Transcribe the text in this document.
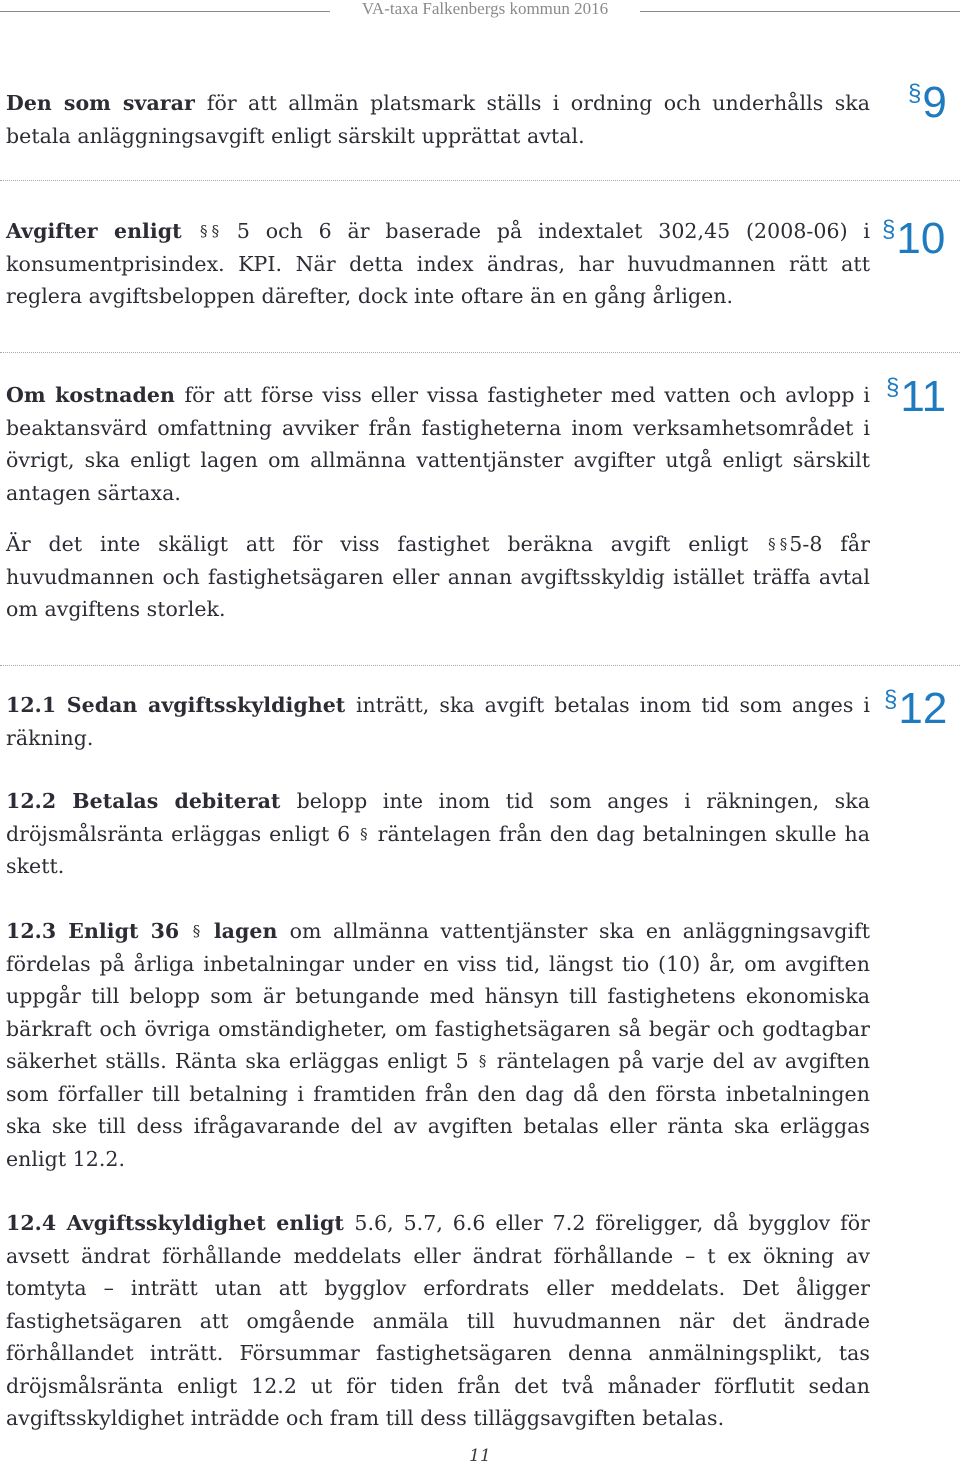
VA-taxa Falkenbergs kommun 2016
§9

Den som svarar för att allmän platsmark ställs i ordning och underhålls ska betala anläggningsavgift enligt särskilt upprättat avtal.

§10

Avgifter enligt § § 5 och 6 är baserade på indextalet 302,45 (2008-06) i konsumentprisindex. KPI. När detta index ändras, har huvudmannen rätt att reglera avgiftsbeloppen därefter, dock inte oftare än en gång årligen.

§11

Om kostnaden för att förse viss eller vissa fastigheter med vatten och avlopp i beaktansvärd omfattning avviker från fastigheterna inom verksamhetsområdet i övrigt, ska enligt lagen om allmänna vattentjänster avgifter utgå enligt särskilt antagen särtaxa.

Är det inte skäligt att för viss fastighet beräkna avgift enligt § §5-8 får huvudmannen och fastighetsägaren eller annan avgiftsskyldig istället träffa avtal om avgiftens storlek.

§12

12.1 Sedan avgiftsskyldighet inträtt, ska avgift betalas inom tid som anges i räkning.

12.2 Betalas debiterat belopp inte inom tid som anges i räkningen, ska dröjsmålsränta erläggas enligt 6 § räntelagen från den dag betalningen skulle ha skett.

12.3 Enligt 36 § lagen om allmänna vattentjänster ska en anläggningsavgift fördelas på årliga inbetalningar under en viss tid, längst tio (10) år, om avgiften uppgår till belopp som är betungande med hänsyn till fastighetens ekonomiska bärkraft och övriga omständigheter, om fastighetsägaren så begär och godtagbar säkerhet ställs. Ränta ska erläggas enligt 5 § räntelagen på varje del av avgiften som förfaller till betalning i framtiden från den dag då den första inbetalningen ska ske till dess ifrågavarande del av avgiften betalas eller ränta ska erläggas enligt 12.2.

12.4 Avgiftsskyldighet enligt 5.6, 5.7, 6.6 eller 7.2 föreligger, då bygglov för avsett ändrat förhållande meddelats eller ändrat förhållande – t ex ökning av tomtyta – inträtt utan att bygglov erfordrats eller meddelats. Det åligger fastighetsägaren att omgående anmäla till huvudmannen när det ändrade förhållandet inträtt. Försummar fastighetsägaren denna anmälningsplikt, tas dröjsmålsränta enligt 12.2 ut för tiden från det två månader förflutit sedan avgiftsskyldighet inträdde och fram till dess tilläggsavgiften betalas.

11
